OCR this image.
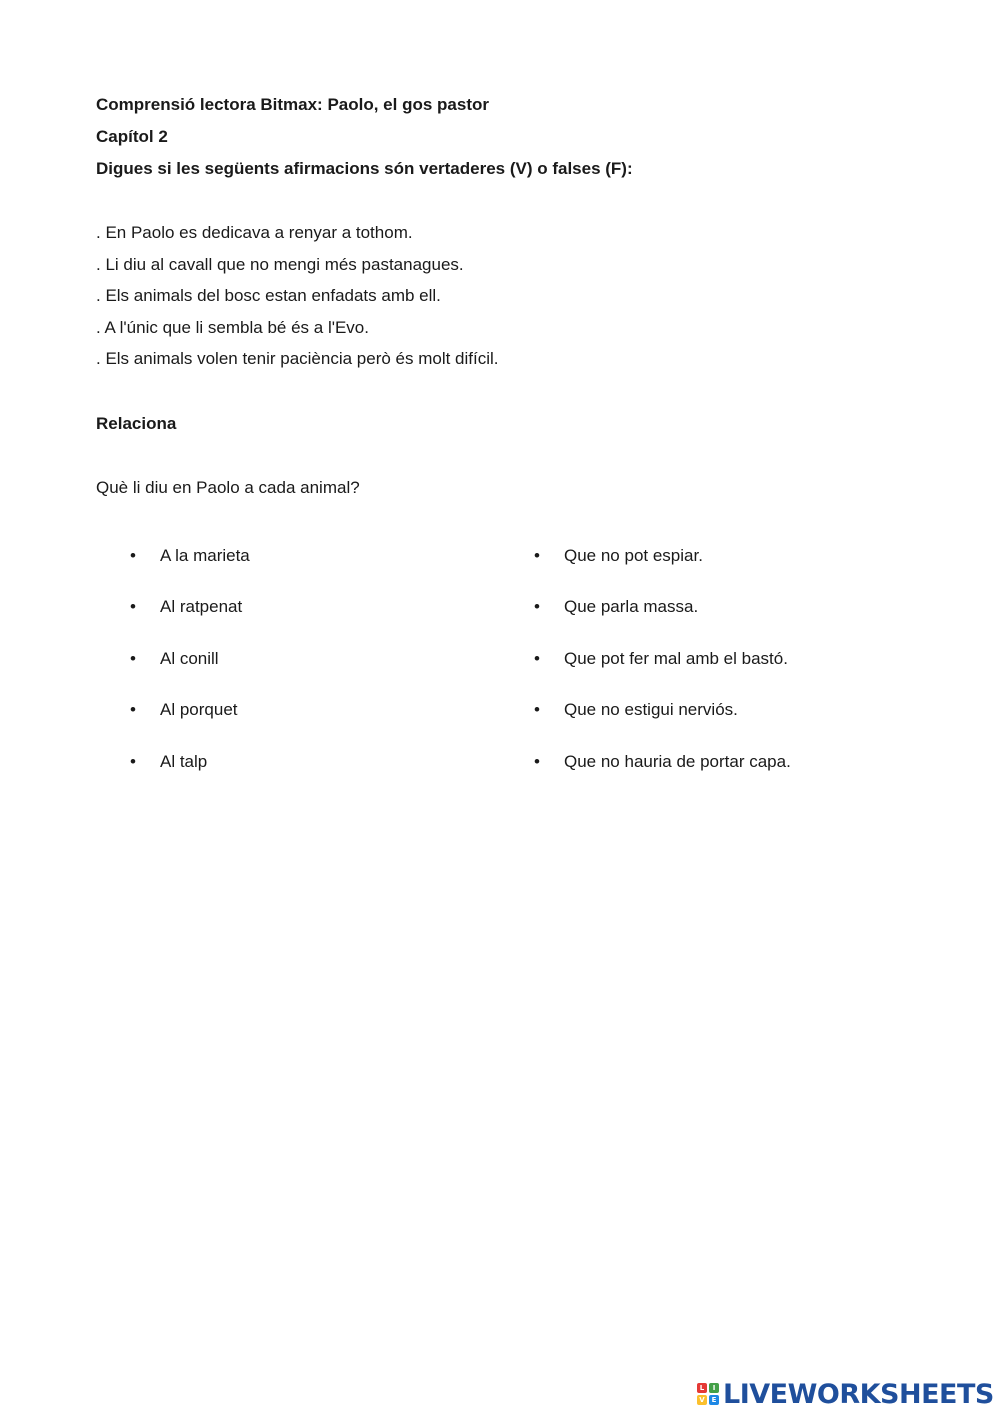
Comprensió lectora Bitmax: Paolo, el gos pastor
Capítol 2
Digues si les següents afirmacions són vertaderes (V) o falses (F):
. En Paolo es dedicava a renyar a tothom.
. Li diu al cavall que no mengi més pastanagues.
. Els animals del bosc estan enfadats amb ell.
. A l'únic que li sembla bé és a l'Evo.
. Els animals volen tenir paciència però és molt difícil.
Relaciona
Què li diu en Paolo a cada animal?
•	A la marieta
•	Al ratpenat
•	Al conill
•	Al porquet
•	Al talp
•	Que no pot espiar.
•	Que parla massa.
•	Que pot fer mal amb el bastó.
•	Que no estigui nerviós.
•	Que no hauria de portar capa.
L	I
V E LIVEWORKSHEETS
